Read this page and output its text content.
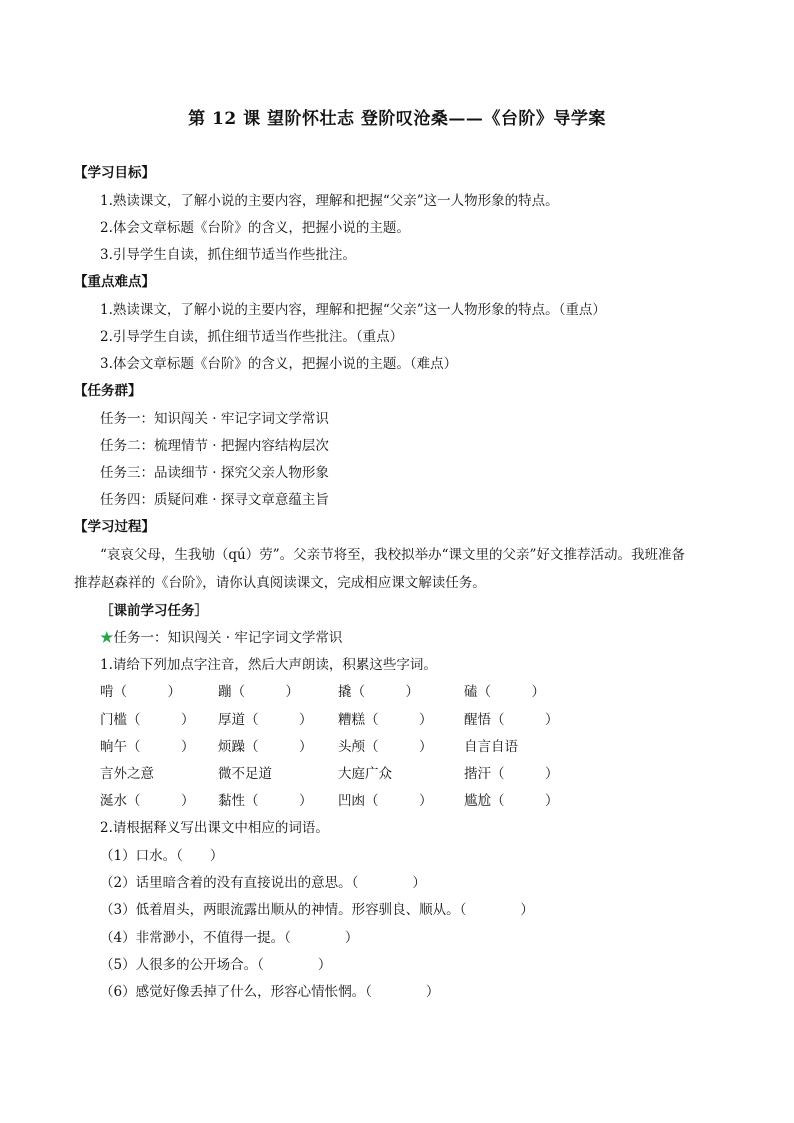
第 12 课 望阶怀壮志 登阶叹沧桑——《台阶》导学案
【学习目标】
1.熟读课文，了解小说的主要内容，理解和把握“父亲”这一人物形象的特点。
2.体会文章标题《台阶》的含义，把握小说的主题。
3.引导学生自读，抓住细节适当作些批注。
【重点难点】
1.熟读课文，了解小说的主要内容，理解和把握“父亲”这一人物形象的特点。（重点）
2.引导学生自读，抓住细节适当作些批注。（重点）
3.体会文章标题《台阶》的含义，把握小说的主题。（难点）
【任务群】
任务一：知识闯关 · 牢记字词文学常识
任务二：梳理情节 · 把握内容结构层次
任务三：品读细节 · 探究父亲人物形象
任务四：质疑问难 · 探寻文章意蕴主旨
【学习过程】
“哀哀父母，生我劬（qú）劳”。父亲节将至，我校拟举办“课文里的父亲”好文推荐活动。我班准备
推荐赵森祥的《台阶》，请你认真阅读课文，完成相应课文解读任务。
［课前学习任务］
★任务一：知识闯关 · 牢记字词文学常识
1.请给下列加点字注音，然后大声朗读，积累这些字词。
啃（　　　）	蹦（　　　）	撬（　　　）	磕（　　　）
门槛（　　　） 厚道（　　　） 糟糕（　　　） 醒悟（　　　）
晌午（　　　） 烦躁（　　　） 头颅（　　　） 自言自语
言外之意	微不足道	大庭广众	揩汗（　　　）
涎水（　　　） 黏性（　　　） 凹凼（　　　） 尴尬（　　　）
2.请根据释义写出课文中相应的词语。
（1）口水。（　　）
（2）话里暗含着的没有直接说出的意思。（　　　　）
（3）低着眉头，两眼流露出顺从的神情。形容驯良、顺从。（　　　　）
（4）非常渺小，不值得一提。（　　　　）
（5）人很多的公开场合。（　　　　）
（6）感觉好像丢掉了什么，形容心情怅惘。（　　　　）
